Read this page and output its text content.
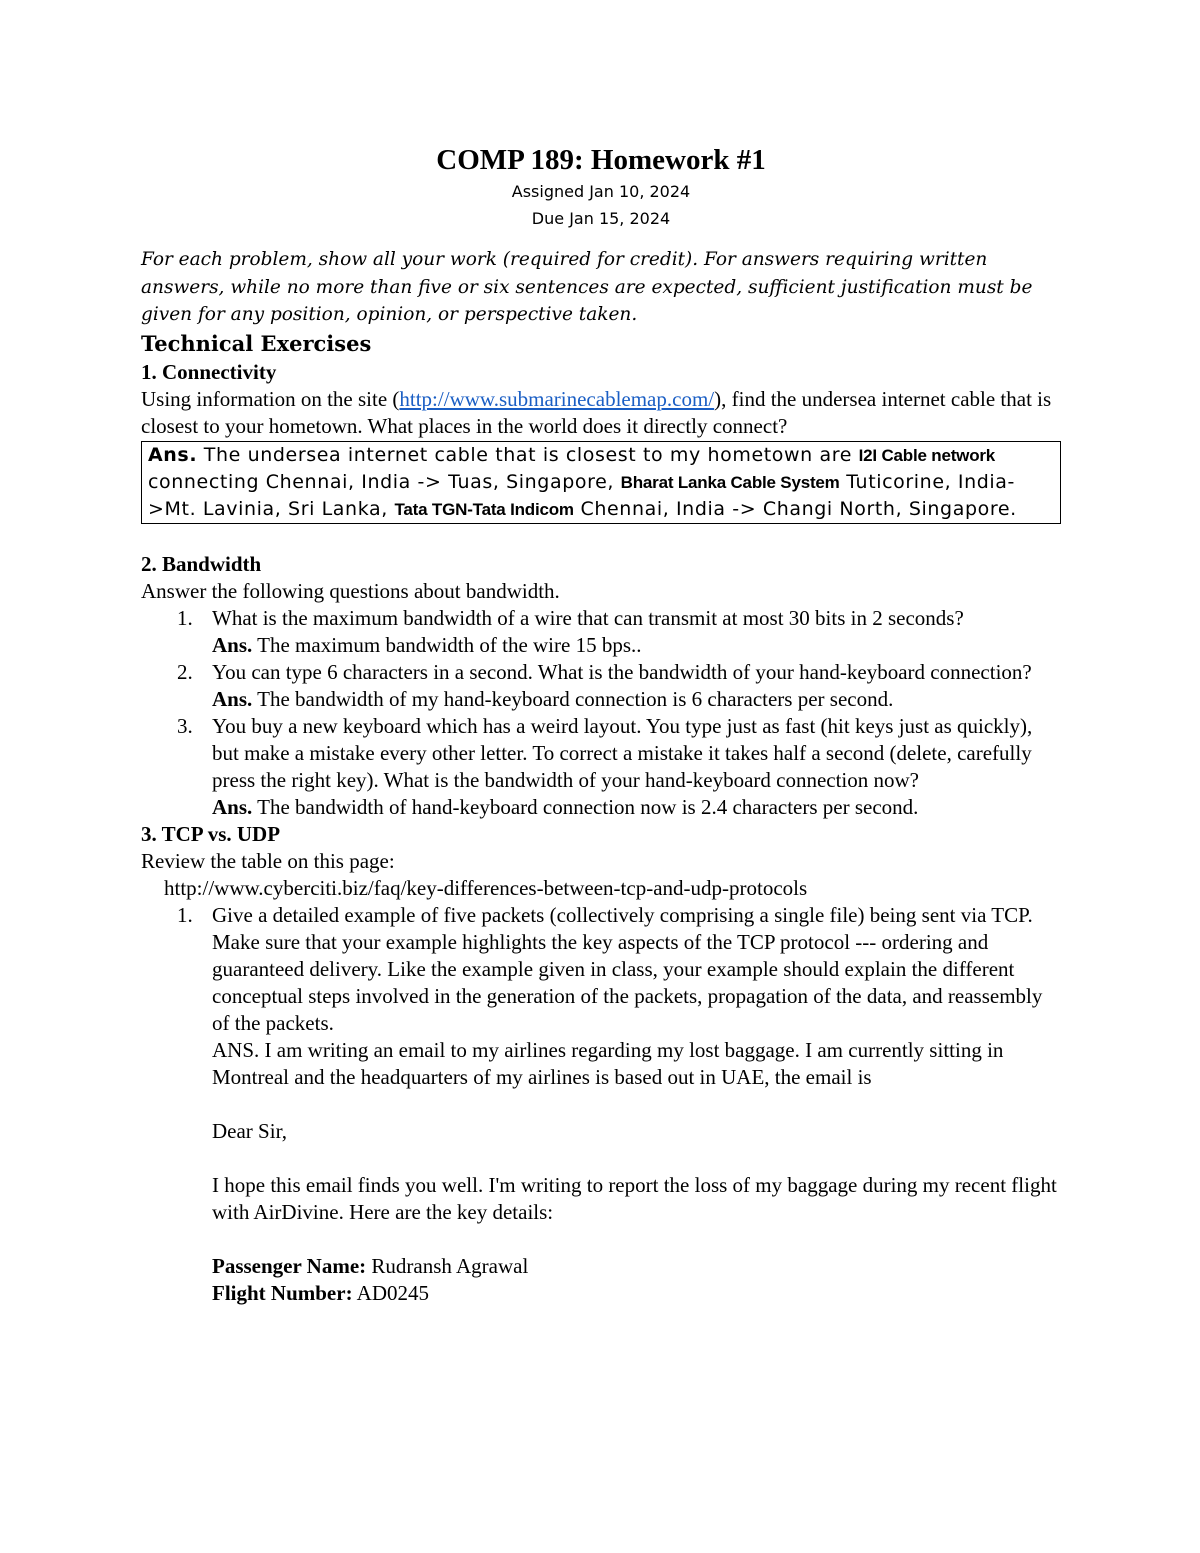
COMP 189: Homework #1

Assigned Jan 10, 2024

Due Jan 15, 2024

For each problem, show all your work (required for credit). For answers requiring written answers, while no more than five or six sentences are expected, sufficient justification must be given for any position, opinion, or perspective taken.

Technical Exercises

1. Connectivity

Using information on the site (http://www.submarinecablemap.com/), find the undersea internet cable that is closest to your hometown. What places in the world does it directly connect?

Ans. The undersea internet cable that is closest to my hometown are I2I Cable network connecting Chennai, India -> Tuas, Singapore, Bharat Lanka Cable System Tuticorine, India->Mt. Lavinia, Sri Lanka, Tata TGN-Tata Indicom Chennai, India -> Changi North, Singapore.

2. Bandwidth

Answer the following questions about bandwidth.

1. What is the maximum bandwidth of a wire that can transmit at most 30 bits in 2 seconds?
Ans. The maximum bandwidth of the wire 15 bps..
2. You can type 6 characters in a second. What is the bandwidth of your hand-keyboard connection?
Ans. The bandwidth of my hand-keyboard connection is 6 characters per second.
3. You buy a new keyboard which has a weird layout. You type just as fast (hit keys just as quickly), but make a mistake every other letter. To correct a mistake it takes half a second (delete, carefully press the right key). What is the bandwidth of your hand-keyboard connection now?
Ans. The bandwidth of hand-keyboard connection now is 2.4 characters per second.

3. TCP vs. UDP

Review the table on this page:

http://www.cyberciti.biz/faq/key-differences-between-tcp-and-udp-protocols

1. Give a detailed example of five packets (collectively comprising a single file) being sent via TCP. Make sure that your example highlights the key aspects of the TCP protocol --- ordering and guaranteed delivery. Like the example given in class, your example should explain the different conceptual steps involved in the generation of the packets, propagation of the data, and reassembly of the packets.
ANS. I am writing an email to my airlines regarding my lost baggage. I am currently sitting in Montreal and the headquarters of my airlines is based out in UAE, the email is

Dear Sir,

I hope this email finds you well. I'm writing to report the loss of my baggage during my recent flight with AirDivine. Here are the key details:

Passenger Name: Rudransh Agrawal

Flight Number: AD0245
